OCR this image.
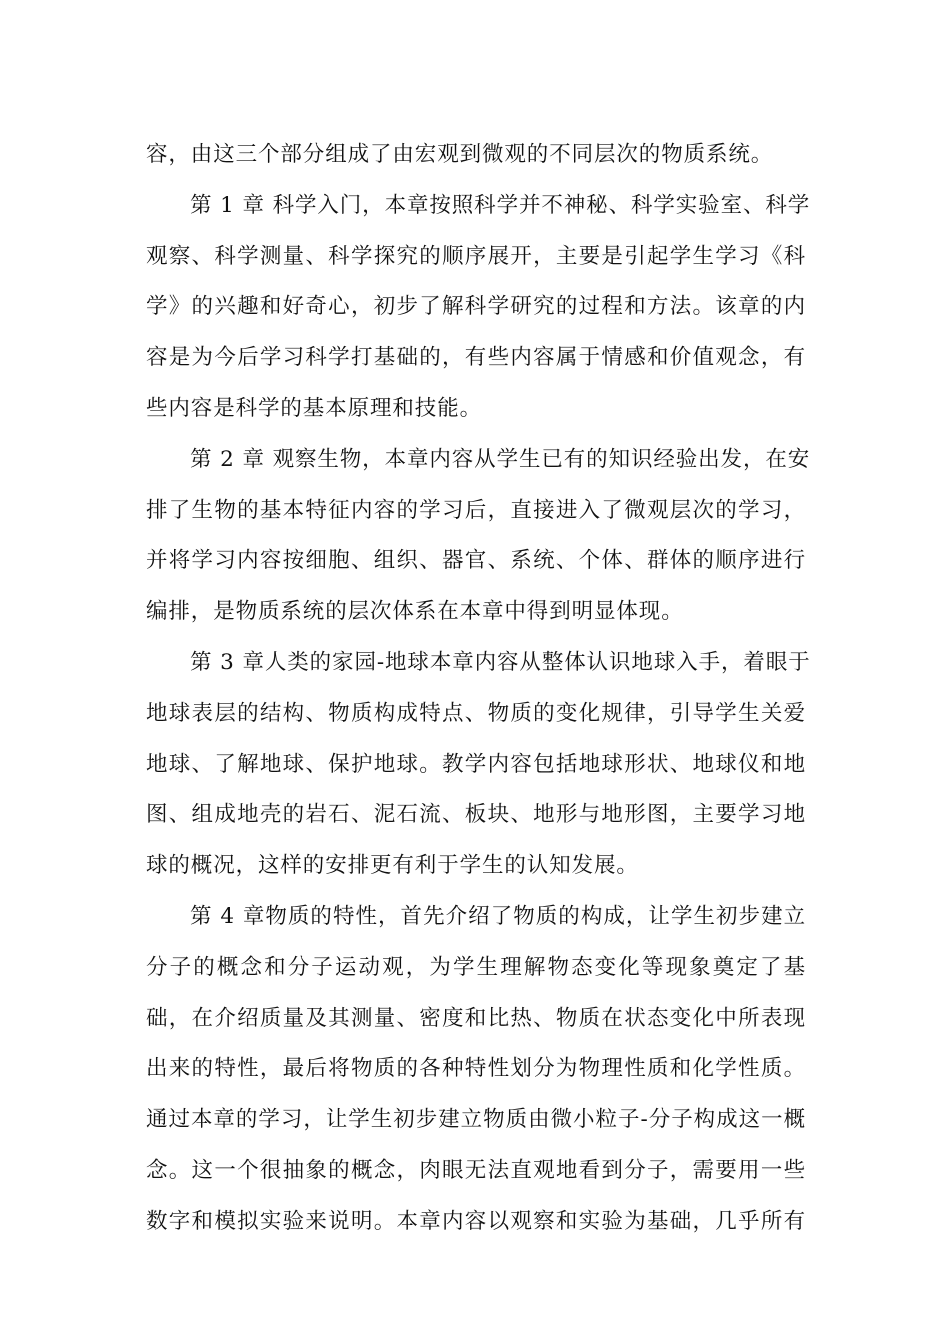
容，由这三个部分组成了由宏观到微观的不同层次的物质系统。
第 1 章 科学入门，本章按照科学并不神秘、科学实验室、科学
观察、科学测量、科学探究的顺序展开，主要是引起学生学习《科
学》的兴趣和好奇心，初步了解科学研究的过程和方法。该章的内
容是为今后学习科学打基础的，有些内容属于情感和价值观念，有
些内容是科学的基本原理和技能。
第 2 章 观察生物，本章内容从学生已有的知识经验出发，在安
排了生物的基本特征内容的学习后，直接进入了微观层次的学习，
并将学习内容按细胞、组织、器官、系统、个体、群体的顺序进行
编排，是物质系统的层次体系在本章中得到明显体现。
第 3 章人类的家园-地球本章内容从整体认识地球入手，着眼于
地球表层的结构、物质构成特点、物质的变化规律，引导学生关爱
地球、了解地球、保护地球。教学内容包括地球形状、地球仪和地
图、组成地壳的岩石、泥石流、板块、地形与地形图，主要学习地
球的概况，这样的安排更有利于学生的认知发展。
第 4 章物质的特性，首先介绍了物质的构成，让学生初步建立
分子的概念和分子运动观，为学生理解物态变化等现象奠定了基
础，在介绍质量及其测量、密度和比热、物质在状态变化中所表现
出来的特性，最后将物质的各种特性划分为物理性质和化学性质。
通过本章的学习，让学生初步建立物质由微小粒子-分子构成这一概
念。这一个很抽象的概念，肉眼无法直观地看到分子，需要用一些
数字和模拟实验来说明。本章内容以观察和实验为基础，几乎所有
